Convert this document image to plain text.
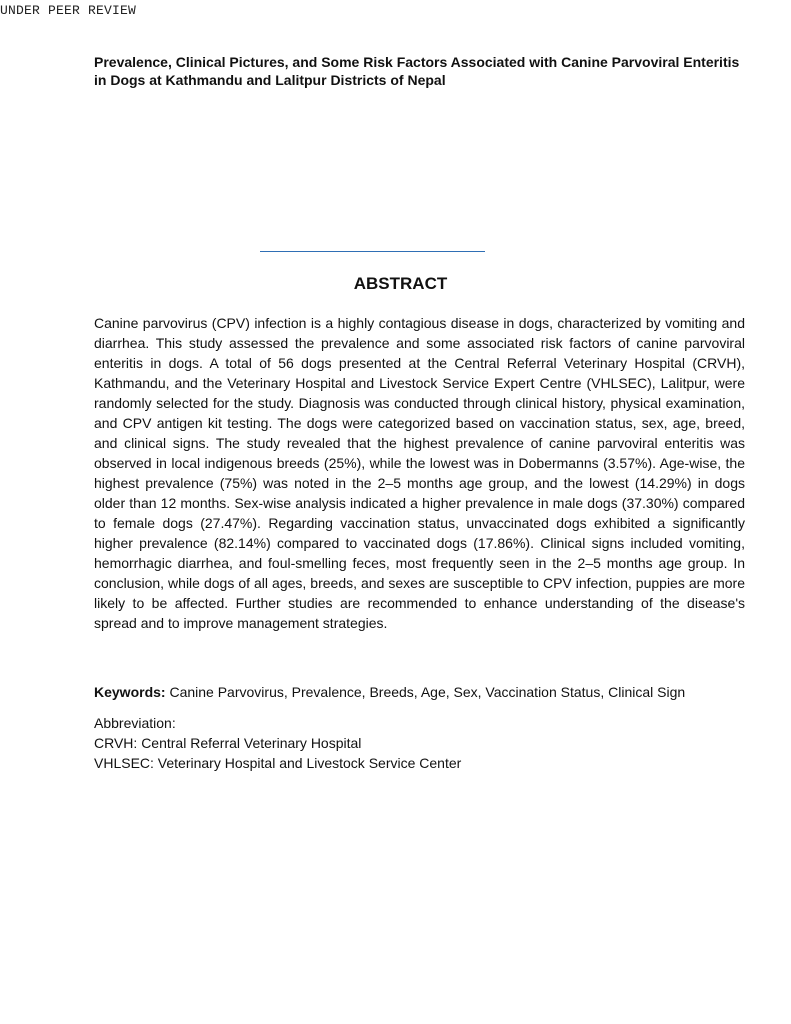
UNDER PEER REVIEW
Prevalence, Clinical Pictures, and Some Risk Factors Associated with Canine Parvoviral Enteritis in Dogs at Kathmandu and Lalitpur Districts of Nepal
ABSTRACT

Canine parvovirus (CPV) infection is a highly contagious disease in dogs, characterized by vomiting and diarrhea. This study assessed the prevalence and some associated risk factors of canine parvoviral enteritis in dogs. A total of 56 dogs presented at the Central Referral Veterinary Hospital (CRVH), Kathmandu, and the Veterinary Hospital and Livestock Service Expert Centre (VHLSEC), Lalitpur, were randomly selected for the study. Diagnosis was conducted through clinical history, physical examination, and CPV antigen kit testing. The dogs were categorized based on vaccination status, sex, age, breed, and clinical signs. The study revealed that the highest prevalence of canine parvoviral enteritis was observed in local indigenous breeds (25%), while the lowest was in Dobermanns (3.57%). Age-wise, the highest prevalence (75%) was noted in the 2–5 months age group, and the lowest (14.29%) in dogs older than 12 months. Sex-wise analysis indicated a higher prevalence in male dogs (37.30%) compared to female dogs (27.47%). Regarding vaccination status, unvaccinated dogs exhibited a significantly higher prevalence (82.14%) compared to vaccinated dogs (17.86%). Clinical signs included vomiting, hemorrhagic diarrhea, and foul-smelling feces, most frequently seen in the 2–5 months age group. In conclusion, while dogs of all ages, breeds, and sexes are susceptible to CPV infection, puppies are more likely to be affected. Further studies are recommended to enhance understanding of the disease's spread and to improve management strategies.

Keywords: Canine Parvovirus, Prevalence, Breeds, Age, Sex, Vaccination Status, Clinical Sign

Abbreviation:
CRVH: Central Referral Veterinary Hospital
VHLSEC: Veterinary Hospital and Livestock Service Center
